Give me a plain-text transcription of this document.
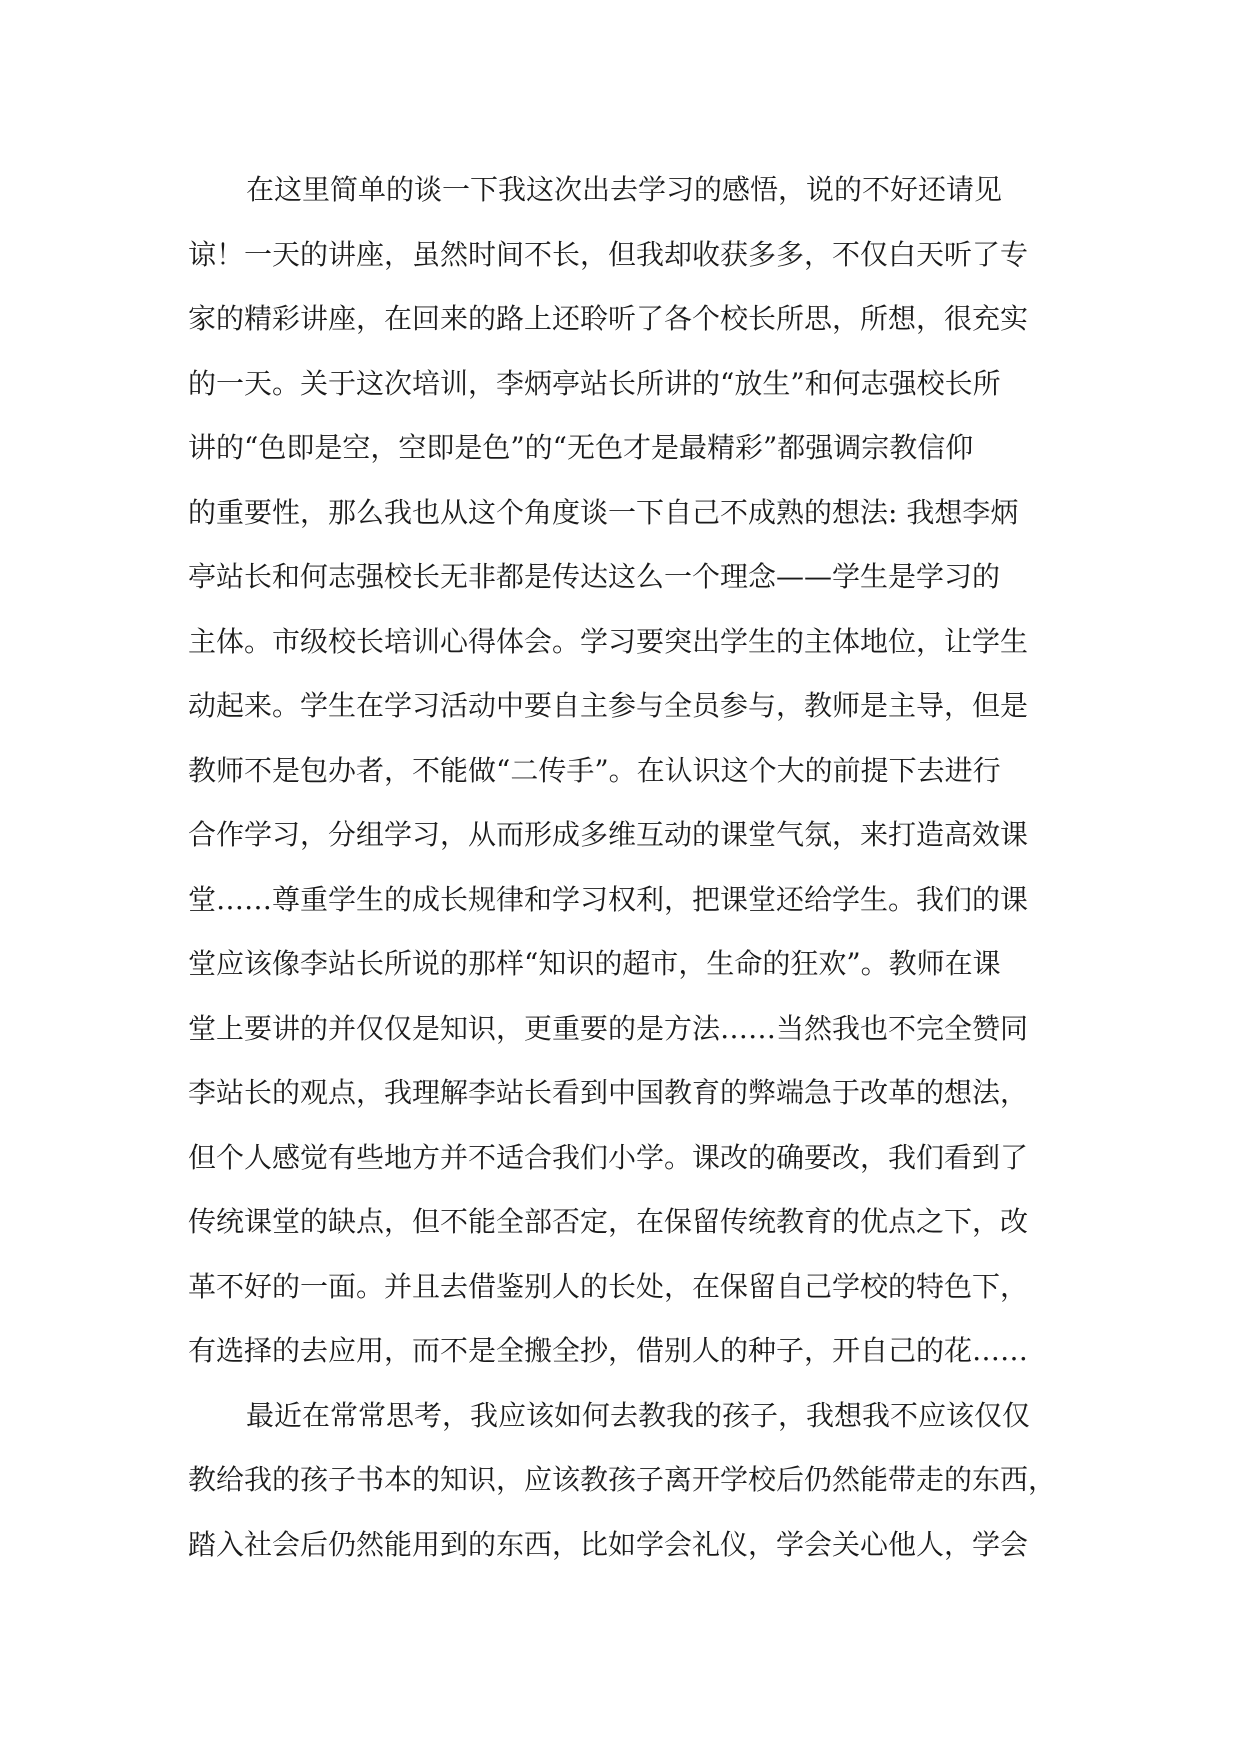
在这里简单的谈一下我这次出去学习的感悟，说的不好还请见
谅！一天的讲座，虽然时间不长，但我却收获多多，不仅白天听了专
家的精彩讲座，在回来的路上还聆听了各个校长所思，所想，很充实
的一天。关于这次培训，李炳亭站长所讲的“放生”和何志强校长所
讲的“色即是空，空即是色”的“无色才是最精彩”都强调宗教信仰
的重要性，那么我也从这个角度谈一下自己不成熟的想法: 我想李炳
亭站长和何志强校长无非都是传达这么一个理念——学生是学习的
主体。市级校长培训心得体会。学习要突出学生的主体地位，让学生
动起来。学生在学习活动中要自主参与全员参与，教师是主导，但是
教师不是包办者，不能做“二传手”。在认识这个大的前提下去进行
合作学习，分组学习，从而形成多维互动的课堂气氛，来打造高效课
堂……尊重学生的成长规律和学习权利，把课堂还给学生。我们的课
堂应该像李站长所说的那样“知识的超市，生命的狂欢”。教师在课
堂上要讲的并仅仅是知识，更重要的是方法……当然我也不完全赞同
李站长的观点，我理解李站长看到中国教育的弊端急于改革的想法，
但个人感觉有些地方并不适合我们小学。课改的确要改，我们看到了
传统课堂的缺点，但不能全部否定，在保留传统教育的优点之下，改
革不好的一面。并且去借鉴别人的长处，在保留自己学校的特色下，
有选择的去应用，而不是全搬全抄，借别人的种子，开自己的花……
最近在常常思考，我应该如何去教我的孩子，我想我不应该仅仅
教给我的孩子书本的知识，应该教孩子离开学校后仍然能带走的东西，
踏入社会后仍然能用到的东西，比如学会礼仪，学会关心他人，学会
